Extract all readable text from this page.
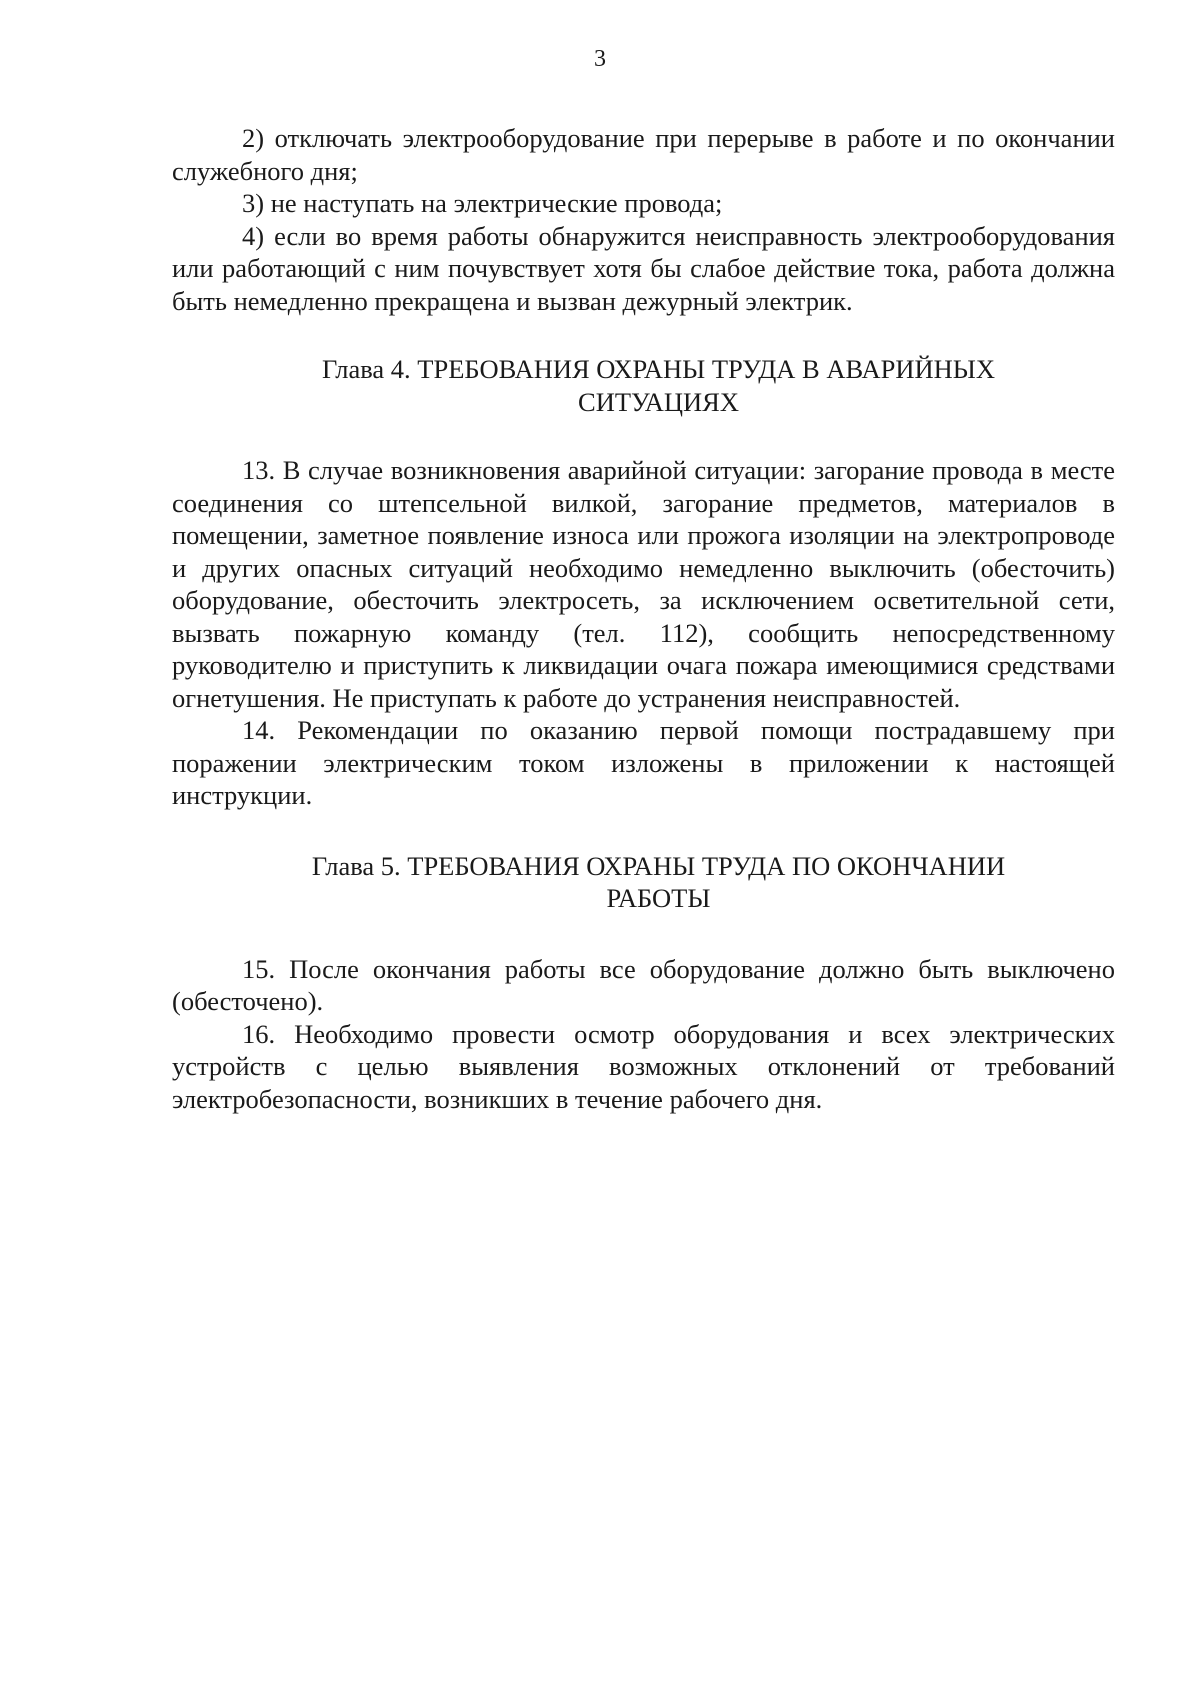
3

2) отключать электрооборудование при перерыве в работе и по окончании служебного дня;

3) не наступать на электрические провода;

4) если во время работы обнаружится неисправность электрооборудования или работающий с ним почувствует хотя бы слабое действие тока, работа должна быть немедленно прекращена и вызван дежурный электрик.

Глава 4. ТРЕБОВАНИЯ ОХРАНЫ ТРУДА В АВАРИЙНЫХ
СИТУАЦИЯХ

13. В случае возникновения аварийной ситуации: загорание провода в месте соединения со штепсельной вилкой, загорание предметов, материалов в помещении, заметное появление износа или прожога изоляции на электропроводе и других опасных ситуаций необходимо немедленно выключить (обесточить) оборудование, обесточить электросеть, за исключением осветительной сети, вызвать пожарную команду (тел. 112), сообщить непосредственному руководителю и приступить к ликвидации очага пожара имеющимися средствами огнетушения. Не приступать к работе до устранения неисправностей.

14. Рекомендации по оказанию первой помощи пострадавшему при поражении электрическим током изложены в приложении к настоящей инструкции.

Глава 5. ТРЕБОВАНИЯ ОХРАНЫ ТРУДА ПО ОКОНЧАНИИ
РАБОТЫ

15. После окончания работы все оборудование должно быть выключено (обесточено).

16. Необходимо провести осмотр оборудования и всех электрических устройств с целью выявления возможных отклонений от требований электробезопасности, возникших в течение рабочего дня.
